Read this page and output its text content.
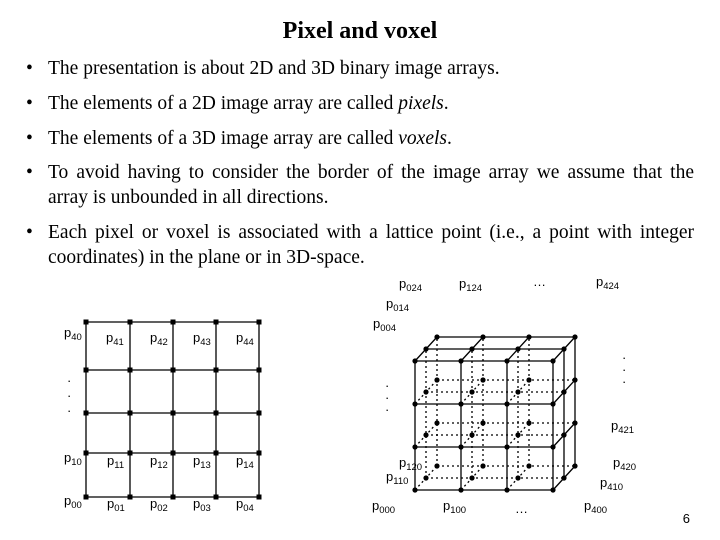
Pixel and voxel
• The presentation is about 2D and 3D binary image arrays.
• The elements of a 2D image array are called pixels.
• The elements of a 3D image array are called voxels.
• To avoid having to consider the border of the image array we assume that the array is unbounded in all directions.
• Each pixel or voxel is associated with a lattice point (i.e., a point with integer coordinates) in the plane or in 3D-space.
$p_{40}$ $p_{41}$ $p_{42}$ $p_{43}$ $p_{44}$
$p_{10}$ $p_{11}$ $p_{12}$ $p_{13}$ $p_{14}$
$p_{00}$ $p_{01}$ $p_{02}$ $p_{03}$ $p_{04}$
·
·
·
$p_{024}$	$p_{124}$	…	$p_{424}$
$p_{014}$
$p_{004}$
$p_{421}$
$p_{120}$
$p_{110}$
$p_{420}$
$p_{410}$
$p_{000}$	$p_{100}$	…	$p_{400}$
·
·
·
·
·
·
6
